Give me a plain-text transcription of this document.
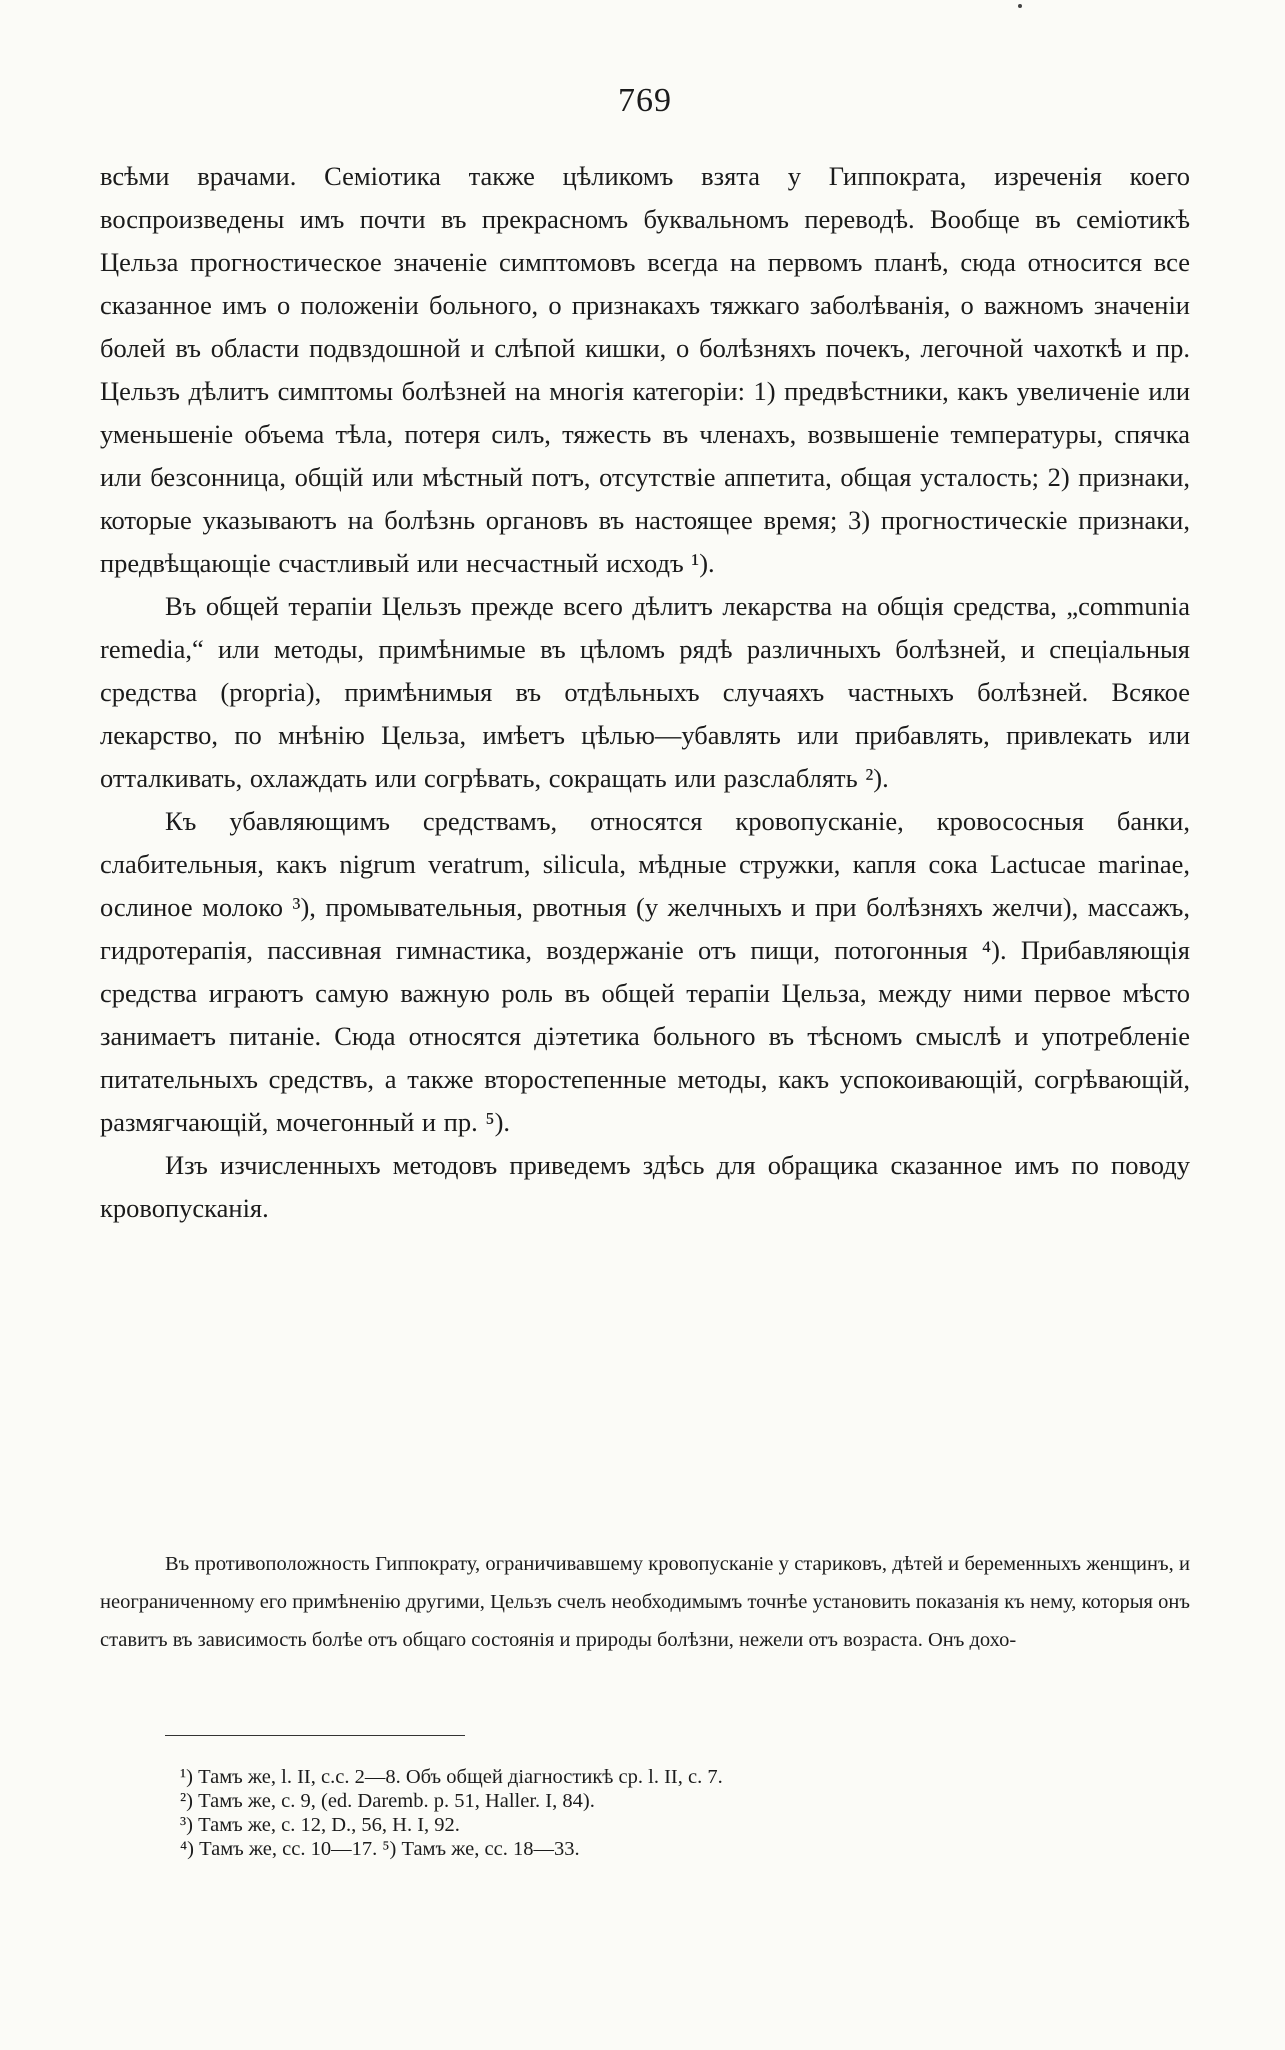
769

всѣми врачами. Семіотика также цѣликомъ взята у Гиппократа, изреченія коего воспроизведены имъ почти въ прекрасномъ буквальномъ переводѣ. Вообще въ семіотикѣ Цельза прогностическое значеніе симптомовъ всегда на первомъ планѣ, сюда относится все сказанное имъ о положеніи больного, о признакахъ тяжкаго заболѣванія, о важномъ значеніи болей въ области подвздошной и слѣпой кишки, о болѣзняхъ почекъ, легочной чахоткѣ и пр. Цельзъ дѣлитъ симптомы болѣзней на многія категоріи: 1) предвѣстники, какъ увеличеніе или уменьшеніе объема тѣла, потеря силъ, тяжесть въ членахъ, возвышеніе температуры, спячка или безсонница, общій или мѣстный потъ, отсутствіе аппетита, общая усталость; 2) признаки, которые указываютъ на болѣзнь органовъ въ настоящее время; 3) прогностическіе признаки, предвѣщающіе счастливый или несчастный исходъ ¹).

Въ общей терапіи Цельзъ прежде всего дѣлитъ лекарства на общія средства, „communia remedia,“ или методы, примѣнимые въ цѣломъ рядѣ различныхъ болѣзней, и спеціальныя средства (proprіa), примѣнимыя въ отдѣльныхъ случаяхъ частныхъ болѣзней. Всякое лекарство, по мнѣнію Цельза, имѣетъ цѣлью—убавлять или прибавлять, привлекать или отталкивать, охлаждать или согрѣвать, сокращать или разслаблять ²).

Къ убавляющимъ средствамъ, относятся кровопусканіе, кровососныя банки, слабительныя, какъ nigrum veratrum, silicula, мѣдные стружки, капля сока Lactucae marinae, ослиное молоко ³), промывательныя, рвотныя (у желчныхъ и при болѣзняхъ желчи), массажъ, гидротерапія, пассивная гимнастика, воздержаніе отъ пищи, потогонныя ⁴). Прибавляющія средства играютъ самую важную роль въ общей терапіи Цельза, между ними первое мѣсто занимаетъ питаніе. Сюда относятся діэтетика больного въ тѣсномъ смыслѣ и употребленіе питательныхъ средствъ, а также второстепенные методы, какъ успокоивающій, согрѣвающій, размягчающій, мочегонный и пр. ⁵).

Изъ изчисленныхъ методовъ приведемъ здѣсь для обращика сказанное имъ по поводу кровопусканія.

Въ противоположность Гиппократу, ограничивавшему кровопусканіе у стариковъ, дѣтей и беременныхъ женщинъ, и неограниченному его примѣненію другими, Цельзъ счелъ необходимымъ точнѣе установить показанія къ нему, которыя онъ ставитъ въ зависимость болѣе отъ общаго состоянія и природы болѣзни, нежели отъ возраста. Онъ дохо-

¹) Тамъ же, l. II, с.с. 2—8. Объ общей діагностикѣ ср. l. II, с. 7.

²) Тамъ же, с. 9, (ed. Daremb. p. 51, Haller. I, 84).

³) Тамъ же, с. 12, D., 56, H. I, 92.

⁴) Тамъ же, сс. 10—17. ⁵) Тамъ же, сс. 18—33.
